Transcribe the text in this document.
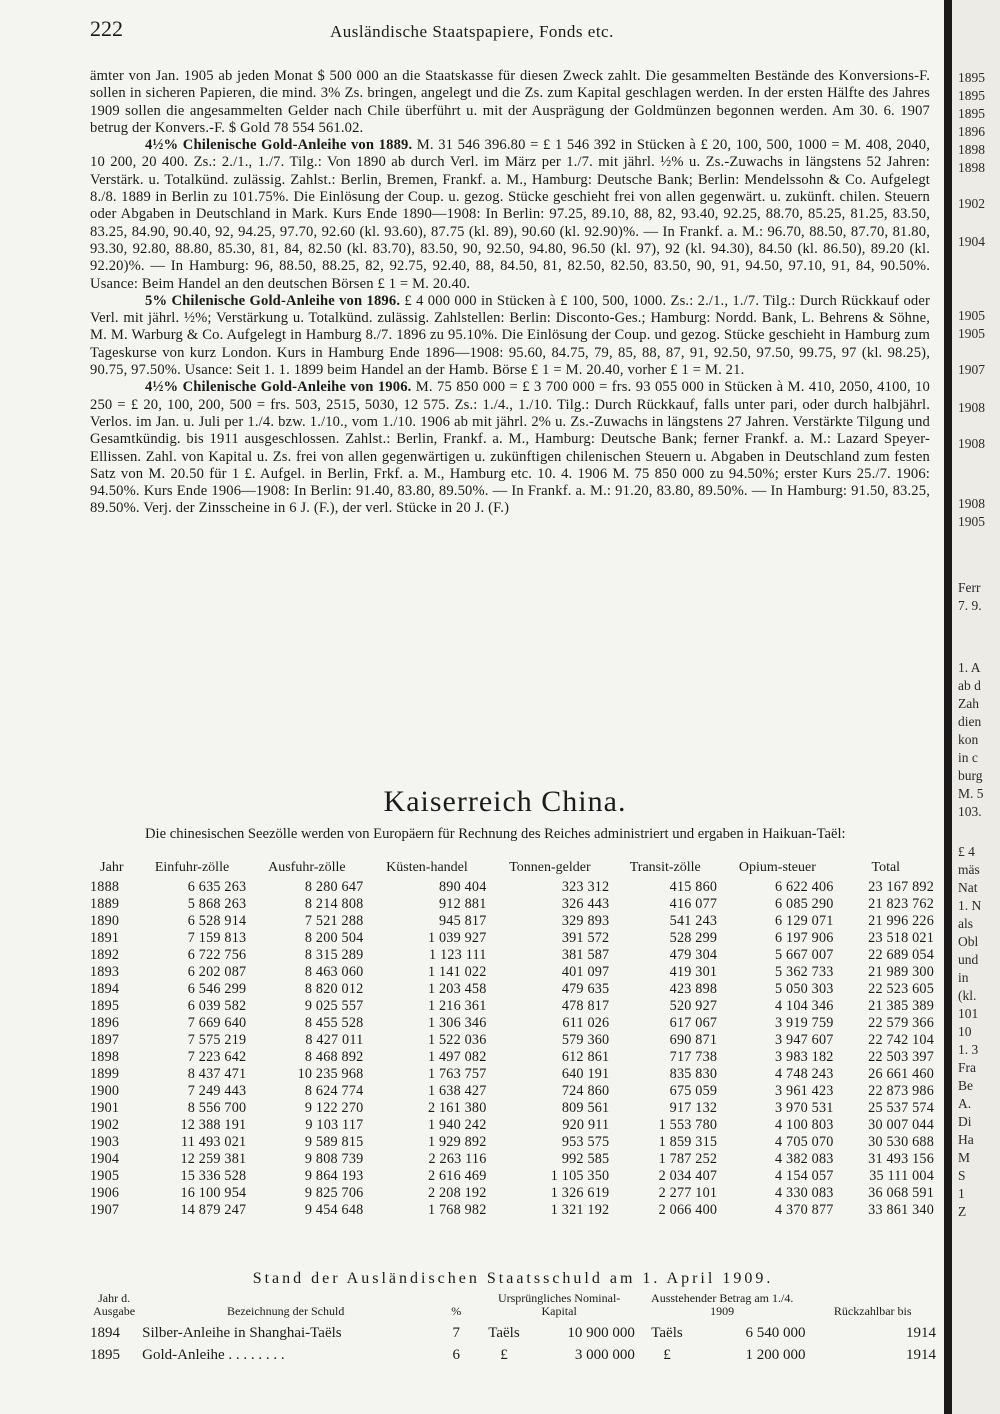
222	Ausländische Staatspapiere, Fonds etc.

ämter von Jan. 1905 ab jeden Monat $ 500 000 an die Staatskasse für diesen Zweck zahlt. Die gesammelten Bestände des Konversions-F. sollen in sicheren Papieren, die mind. 3% Zs. bringen, angelegt und die Zs. zum Kapital geschlagen werden. In der ersten Hälfte des Jahres 1909 sollen die angesammelten Gelder nach Chile überführt u. mit der Ausprägung der Goldmünzen begonnen werden. Am 30. 6. 1907 betrug der Konvers.-F. $ Gold 78 554 561.02.

4½% Chilenische Gold-Anleihe von 1889. M. 31 546 396.80 = £ 1 546 392 in Stücken à £ 20, 100, 500, 1000 = M. 408, 2040, 10 200, 20 400. Zs.: 2./1., 1./7. Tilg.: Von 1890 ab durch Verl. im März per 1./7. mit jährl. ½% u. Zs.-Zuwachs in längstens 52 Jahren: Verstärk. u. Totalkünd. zulässig. Zahlst.: Berlin, Bremen, Frankf. a. M., Hamburg: Deutsche Bank; Berlin: Mendelssohn & Co. Aufgelegt 8./8. 1889 in Berlin zu 101.75%. Die Einlösung der Coup. u. gezog. Stücke geschieht frei von allen gegenwärt. u. zukünft. chilen. Steuern oder Abgaben in Deutschland in Mark. Kurs Ende 1890—1908: In Berlin: 97.25, 89.10, 88, 82, 93.40, 92.25, 88.70, 85.25, 81.25, 83.50, 83.25, 84.90, 90.40, 92, 94.25, 97.70, 92.60 (kl. 93.60), 87.75 (kl. 89), 90.60 (kl. 92.90)%. — In Frankf. a. M.: 96.70, 88.50, 87.70, 81.80, 93.30, 92.80, 88.80, 85.30, 81, 84, 82.50 (kl. 83.70), 83.50, 90, 92.50, 94.80, 96.50 (kl. 97), 92 (kl. 94.30), 84.50 (kl. 86.50), 89.20 (kl. 92.20)%. — In Hamburg: 96, 88.50, 88.25, 82, 92.75, 92.40, 88, 84.50, 81, 82.50, 82.50, 83.50, 90, 91, 94.50, 97.10, 91, 84, 90.50%. Usance: Beim Handel an den deutschen Börsen £ 1 = M. 20.40.

5% Chilenische Gold-Anleihe von 1896. £ 4 000 000 in Stücken à £ 100, 500, 1000. Zs.: 2./1., 1./7. Tilg.: Durch Rückkauf oder Verl. mit jährl. ½%; Verstärkung u. Totalkünd. zulässig. Zahlstellen: Berlin: Disconto-Ges.; Hamburg: Nordd. Bank, L. Behrens & Söhne, M. M. Warburg & Co. Aufgelegt in Hamburg 8./7. 1896 zu 95.10%. Die Einlösung der Coup. und gezog. Stücke geschieht in Hamburg zum Tageskurse von kurz London. Kurs in Hamburg Ende 1896—1908: 95.60, 84.75, 79, 85, 88, 87, 91, 92.50, 97.50, 99.75, 97 (kl. 98.25), 90.75, 97.50%. Usance: Seit 1. 1. 1899 beim Handel an der Hamb. Börse £ 1 = M. 20.40, vorher £ 1 = M. 21.

4½% Chilenische Gold-Anleihe von 1906. M. 75 850 000 = £ 3 700 000 = frs. 93 055 000 in Stücken à M. 410, 2050, 4100, 10 250 = £ 20, 100, 200, 500 = frs. 503, 2515, 5030, 12 575. Zs.: 1./4., 1./10. Tilg.: Durch Rückkauf, falls unter pari, oder durch halbjährl. Verlos. im Jan. u. Juli per 1./4. bzw. 1./10., vom 1./10. 1906 ab mit jährl. 2% u. Zs.-Zuwachs in längstens 27 Jahren. Verstärkte Tilgung und Gesamtkündig. bis 1911 ausgeschlossen. Zahlst.: Berlin, Frankf. a. M., Hamburg: Deutsche Bank; ferner Frankf. a. M.: Lazard Speyer-Ellissen. Zahl. von Kapital u. Zs. frei von allen gegenwärtigen u. zukünftigen chilenischen Steuern u. Abgaben in Deutschland zum festen Satz von M. 20.50 für 1 £. Aufgel. in Berlin, Frkf. a. M., Hamburg etc. 10. 4. 1906 M. 75 850 000 zu 94.50%; erster Kurs 25./7. 1906: 94.50%. Kurs Ende 1906—1908: In Berlin: 91.40, 83.80, 89.50%. — In Frankf. a. M.: 91.20, 83.80, 89.50%. — In Hamburg: 91.50, 83.25, 89.50%. Verj. der Zinsscheine in 6 J. (F.), der verl. Stücke in 20 J. (F.)

1895
1895
1895
1896
1898
1898
1902
1904
1905
1905
1907
1908
1908
1908
1905
Ferr
7. 9.
1. A
ab d
Zah
dien
kon
in c
burg
M. 5
103.
£ 4
mäs
Nat
1. N
als
Obl
und
in
(kl.
101
10
1. 3
Fra
Be
A.
Di
Ha
M
S
1
Z
Kaiserreich China.

Die chinesischen Seezölle werden von Europäern für Rechnung des Reiches administriert und ergaben in Haikuan-Taël:

Jahr	Einfuhr-zölle	Ausfuhr-zölle	Küsten-handel	Tonnen-gelder	Transit-zölle	Opium-steuer	Total
1888	6 635 263	8 280 647	890 404	323 312	415 860	6 622 406	23 167 892
1889	5 868 263	8 214 808	912 881	326 443	416 077	6 085 290	21 823 762
1890	6 528 914	7 521 288	945 817	329 893	541 243	6 129 071	21 996 226
1891	7 159 813	8 200 504	1 039 927	391 572	528 299	6 197 906	23 518 021
1892	6 722 756	8 315 289	1 123 111	381 587	479 304	5 667 007	22 689 054
1893	6 202 087	8 463 060	1 141 022	401 097	419 301	5 362 733	21 989 300
1894	6 546 299	8 820 012	1 203 458	479 635	423 898	5 050 303	22 523 605
1895	6 039 582	9 025 557	1 216 361	478 817	520 927	4 104 346	21 385 389
1896	7 669 640	8 455 528	1 306 346	611 026	617 067	3 919 759	22 579 366
1897	7 575 219	8 427 011	1 522 036	579 360	690 871	3 947 607	22 742 104
1898	7 223 642	8 468 892	1 497 082	612 861	717 738	3 983 182	22 503 397
1899	8 437 471	10 235 968	1 763 757	640 191	835 830	4 748 243	26 661 460
1900	7 249 443	8 624 774	1 638 427	724 860	675 059	3 961 423	22 873 986
1901	8 556 700	9 122 270	2 161 380	809 561	917 132	3 970 531	25 537 574
1902	12 388 191	9 103 117	1 940 242	920 911	1 553 780	4 100 803	30 007 044
1903	11 493 021	9 589 815	1 929 892	953 575	1 859 315	4 705 070	30 530 688
1904	12 259 381	9 808 739	2 263 116	992 585	1 787 252	4 382 083	31 493 156
1905	15 336 528	9 864 193	2 616 469	1 105 350	2 034 407	4 154 057	35 111 004
1906	16 100 954	9 825 706	2 208 192	1 326 619	2 277 101	4 330 083	36 068 591
1907	14 879 247	9 454 648	1 768 982	1 321 192	2 066 400	4 370 877	33 861 340
Stand der Ausländischen Staatsschuld am 1. April 1909.
Jahr d. Ausgabe	Bezeichnung der Schuld	%	Ursprüngliches Nominal-Kapital		Ausstehender Betrag am 1./4. 1909		Rückzahlbar bis
1894	Silber-Anleihe in Shanghai-Taëls	7	Taëls	10 900 000	Taëls	6 540 000	1914
1895	Gold-Anleihe . . . . . . . .	6	£	3 000 000	£	1 200 000	1914
